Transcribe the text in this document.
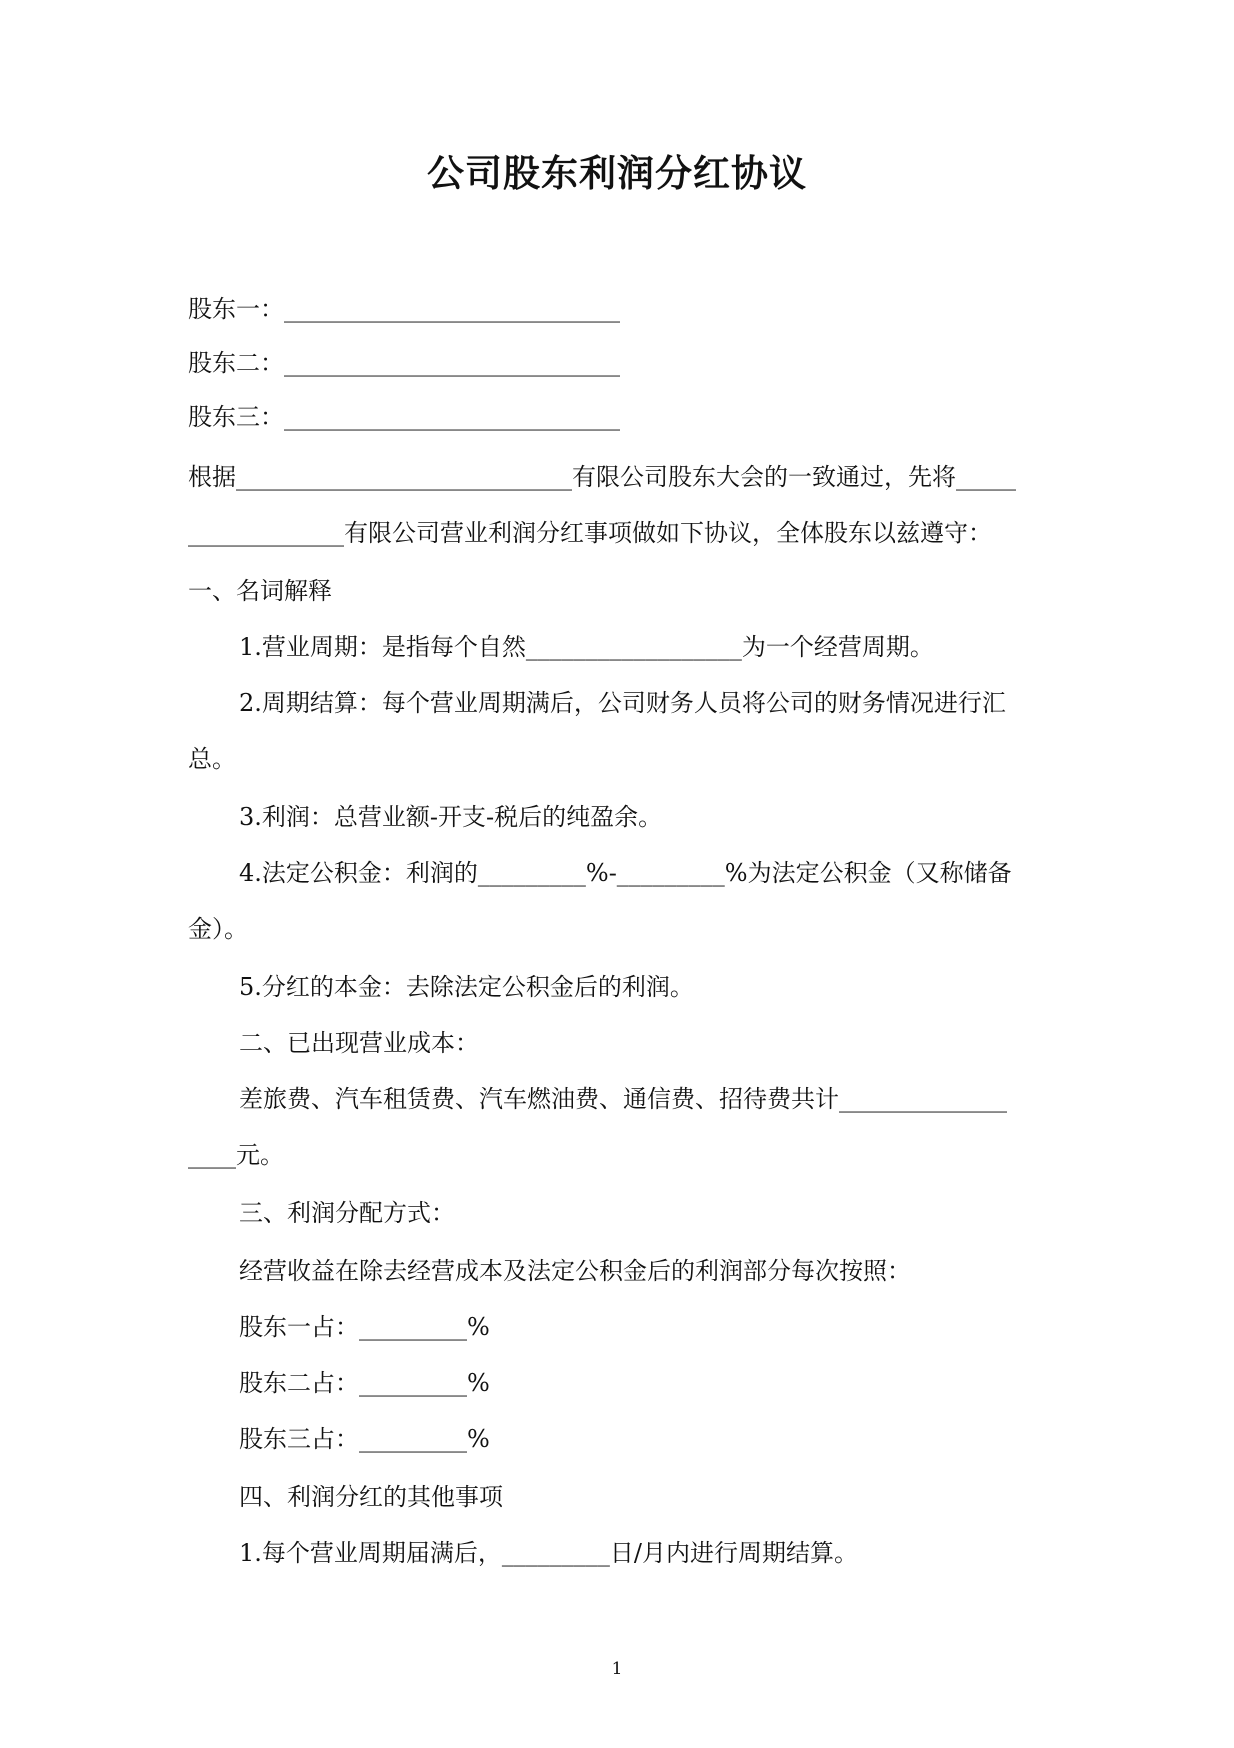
公司股东利润分红协议
股东一：____________________________
股东二：____________________________
股东三：____________________________
根据____________________________有限公司股东大会的一致通过，先将_____
_____________有限公司营业利润分红事项做如下协议，全体股东以兹遵守：
一、名词解释
1.营业周期：是指每个自然__________________为一个经营周期。
2.周期结算：每个营业周期满后，公司财务人员将公司的财务情况进行汇
总。
3.利润：总营业额-开支-税后的纯盈余。
4.法定公积金：利润的_________%-_________%为法定公积金（又称储备
金）。
5.分红的本金：去除法定公积金后的利润。
二、已出现营业成本：
差旅费、汽车租赁费、汽车燃油费、通信费、招待费共计______________
____元。
三、利润分配方式：
经营收益在除去经营成本及法定公积金后的利润部分每次按照：
股东一占：_________%
股东二占：_________%
股东三占：_________%
四、利润分红的其他事项
1.每个营业周期届满后，_________日/月内进行周期结算。
1
